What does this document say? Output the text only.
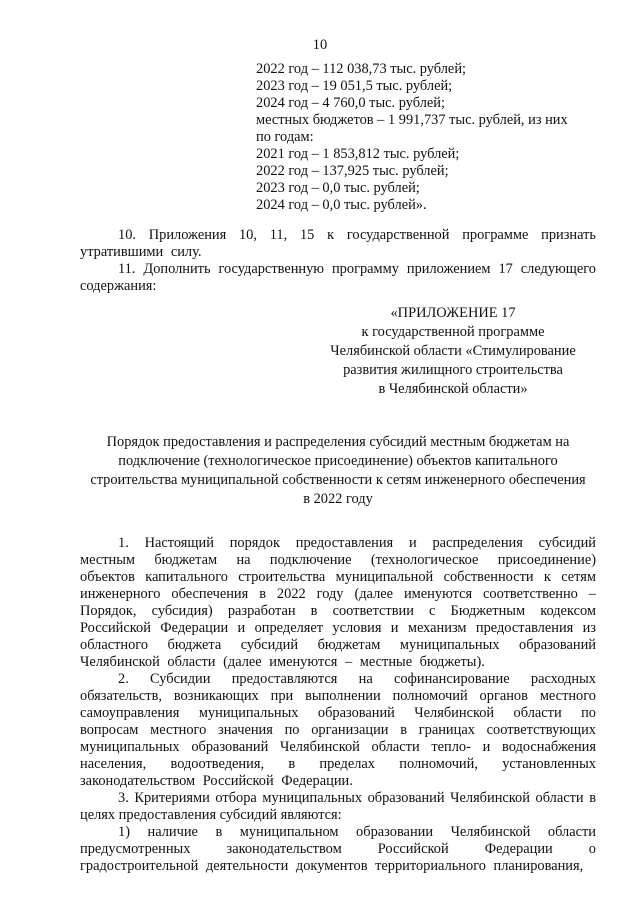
10
2022 год – 112 038,73 тыс. рублей;
2023 год – 19 051,5 тыс. рублей;
2024 год – 4 760,0 тыс. рублей;
местных бюджетов – 1 991,737 тыс. рублей, из них
по годам:
2021 год – 1 853,812 тыс. рублей;
2022 год – 137,925 тыс. рублей;
2023 год – 0,0 тыс. рублей;
2024 год – 0,0 тыс. рублей».

10. Приложения 10, 11, 15 к государственной программе признать утратившими силу.

11. Дополнить государственную программу приложением 17 следующего содержания:

«ПРИЛОЖЕНИЕ 17
к государственной программе
Челябинской области «Стимулирование
развития жилищного строительства
в Челябинской области»
Порядок предоставления и распределения субсидий местным бюджетам на подключение (технологическое присоединение) объектов капитального строительства муниципальной собственности к сетям инженерного обеспечения в 2022 году

1. Настоящий порядок предоставления и распределения субсидий местным бюджетам на подключение (технологическое присоединение) объектов капитального строительства муниципальной собственности к сетям инженерного обеспечения в 2022 году (далее именуются соответственно – Порядок, субсидия) разработан в соответствии с Бюджетным кодексом Российской Федерации и определяет условия и механизм предоставления из областного бюджета субсидий бюджетам муниципальных образований Челябинской области (далее именуются – местные бюджеты).

2. Субсидии предоставляются на софинансирование расходных обязательств, возникающих при выполнении полномочий органов местного самоуправления муниципальных образований Челябинской области по вопросам местного значения по организации в границах соответствующих муниципальных образований Челябинской области тепло- и водоснабжения населения, водоотведения, в пределах полномочий, установленных законодательством Российской Федерации.

3. Критериями отбора муниципальных образований Челябинской области в целях предоставления субсидий являются:

1) наличие в муниципальном образовании Челябинской области предусмотренных законодательством Российской Федерации о градостроительной деятельности документов территориального планирования,
